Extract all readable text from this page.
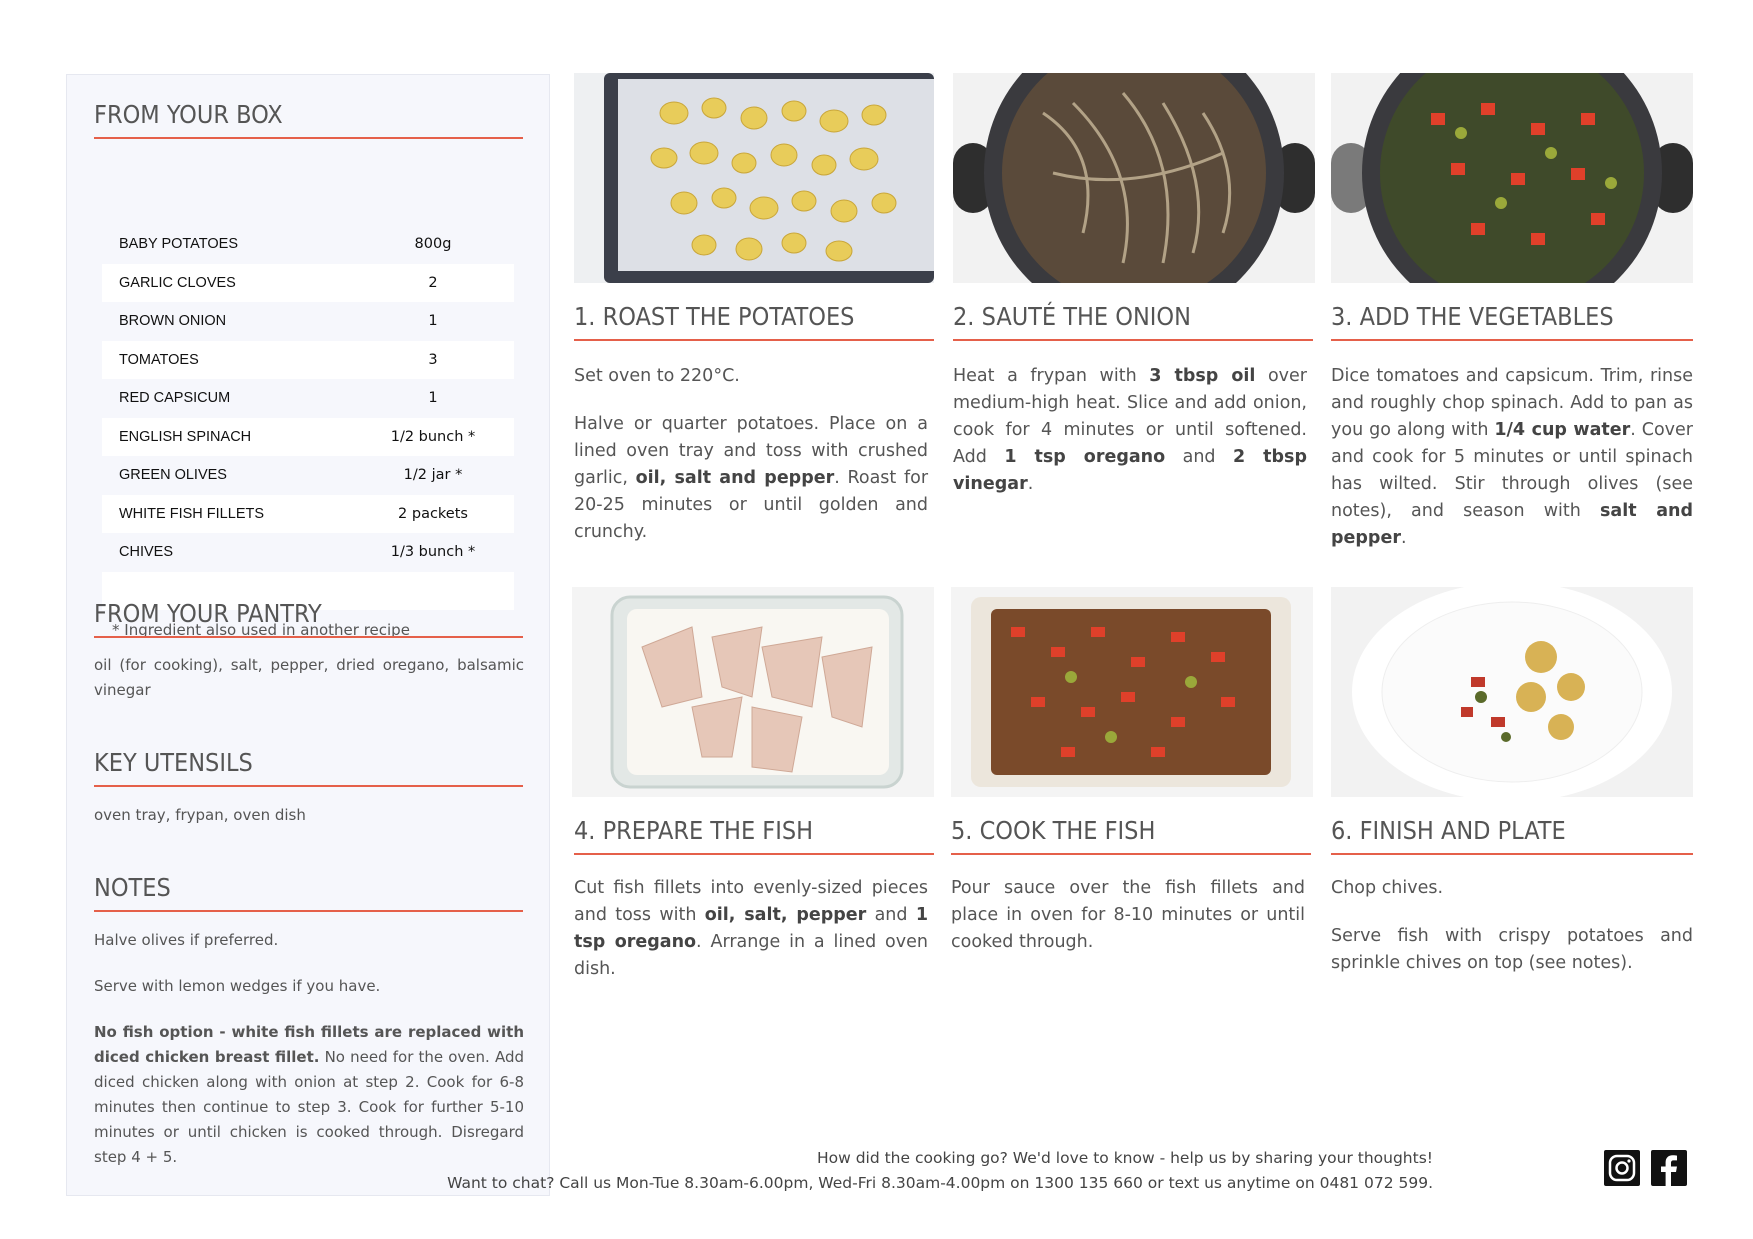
FROM YOUR BOX
BABY POTATOES	800g
GARLIC CLOVES	2
BROWN ONION	1
TOMATOES	3
RED CAPSICUM	1
ENGLISH SPINACH	1/2 bunch *
GREEN OLIVES	1/2 jar *
WHITE FISH FILLETS	2 packets
CHIVES	1/3 bunch *
* Ingredient also used in another recipe
FROM YOUR PANTRY
oil (for cooking), salt, pepper, dried oregano, balsamic vinegar
KEY UTENSILS
oven tray, frypan, oven dish
NOTES

Halve olives if preferred.

Serve with lemon wedges if you have.

No fish option - white fish fillets are replaced with diced chicken breast fillet. No need for the oven. Add diced chicken along with onion at step 2. Cook for 6-8 minutes then continue to step 3. Cook for further 5-10 minutes or until chicken is cooked through. Disregard step 4 + 5.

1. ROAST THE POTATOES	2. SAUTÉ THE ONION	3. ADD THE VEGETABLES
4. PREPARE THE FISH	5. COOK THE FISH	6. FINISH AND PLATE

Set oven to 220°C.

Halve or quarter potatoes. Place on a lined oven tray and toss with crushed garlic, oil, salt and pepper. Roast for 20-25 minutes or until golden and crunchy.

Heat a frypan with 3 tbsp oil over medium-high heat. Slice and add onion, cook for 4 minutes or until softened. Add 1 tsp oregano and 2 tbsp vinegar.

Dice tomatoes and capsicum. Trim, rinse and roughly chop spinach. Add to pan as you go along with 1/4 cup water. Cover and cook for 5 minutes or until spinach has wilted. Stir through olives (see notes), and season with salt and pepper.

Cut fish fillets into evenly-sized pieces and toss with oil, salt, pepper and 1 tsp oregano. Arrange in a lined oven dish.

Pour sauce over the fish fillets and place in oven for 8-10 minutes or until cooked through.

Chop chives.

Serve fish with crispy potatoes and sprinkle chives on top (see notes).

How did the cooking go? We'd love to know - help us by sharing your thoughts!
Want to chat? Call us Mon-Tue 8.30am-6.00pm, Wed-Fri 8.30am-4.00pm on 1300 135 660 or text us anytime on 0481 072 599.
